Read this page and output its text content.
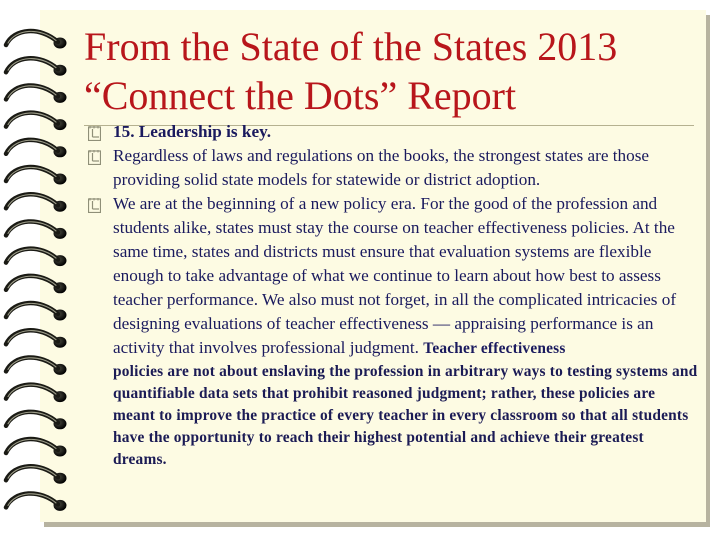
From the State of the States 2013
“Connect the Dots” Report
15. Leadership is key.
Regardless of laws and regulations on the books, the strongest states are those providing solid state models for statewide or district adoption.
We are at the beginning of a new policy era. For the good of the profession and students alike, states must stay the course on teacher effectiveness policies. At the same time, states and districts must ensure that evaluation systems are flexible enough to take advantage of what we continue to learn about how best to assess teacher performance. We also must not forget, in all the complicated intricacies of designing evaluations of teacher effectiveness — appraising performance is an activity that involves professional judgment. Teacher effectiveness
policies are not about enslaving the profession in arbitrary ways to testing systems and quantifiable data sets that prohibit reasoned judgment; rather, these policies are meant to improve the practice of every teacher in every classroom so that all students have the opportunity to reach their highest potential and achieve their greatest dreams.
